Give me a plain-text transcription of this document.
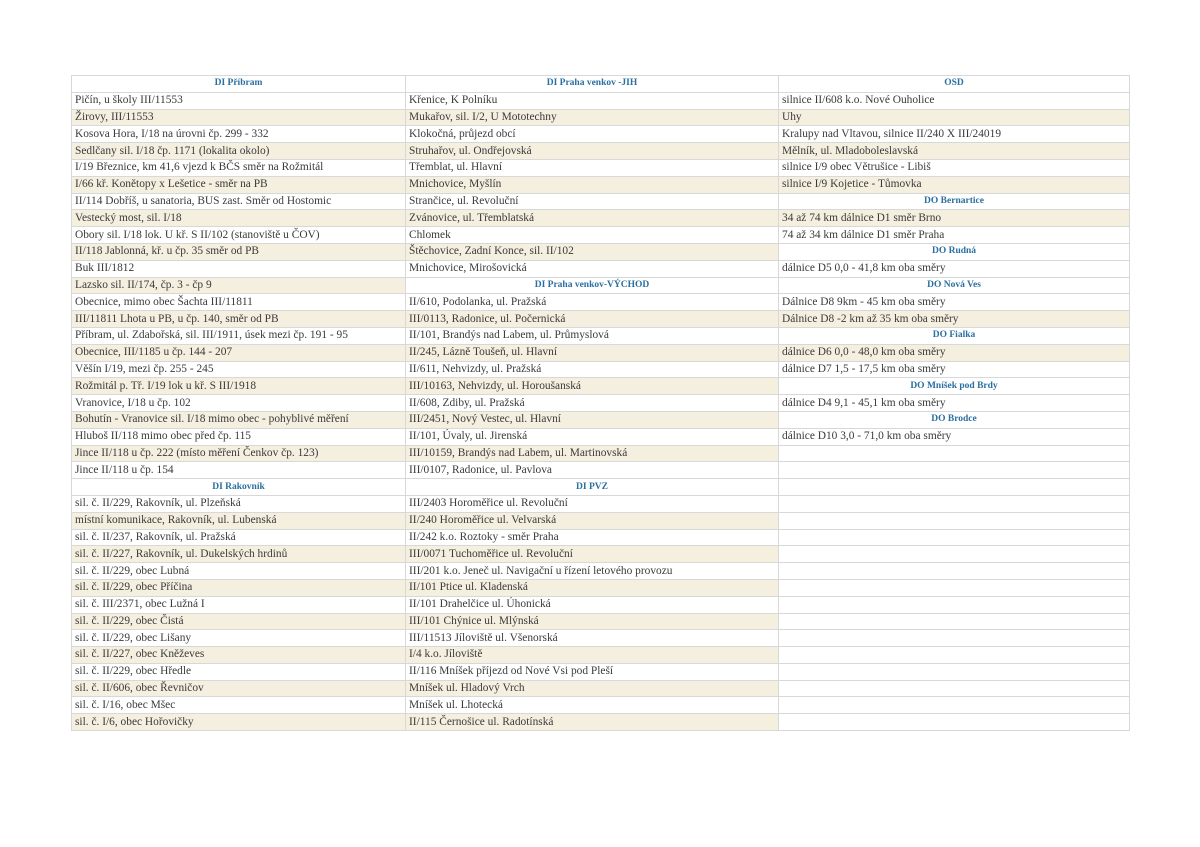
DI Příbram	DI Praha venkov -JIH	OSD
Pičín, u školy III/11553	Křenice, K Polníku	silnice II/608 k.o. Nové Ouholice
Žirovy, III/11553	Mukařov, sil. I/2, U Mototechny	Uhy
Kosova Hora, I/18 na úrovni čp. 299 - 332	Klokočná, průjezd obcí	Kralupy nad Vltavou, silnice II/240 X III/24019
Sedlčany sil. I/18 čp. 1171 (lokalita okolo)	Struhařov, ul. Ondřejovská	Mělník, ul. Mladoboleslavská
I/19 Březnice, km 41,6 vjezd k BČS směr na Rožmitál	Třemblat, ul. Hlavní	silnice I/9 obec Větrušice - Libiš
I/66 kř. Konětopy x Lešetice - směr na PB	Mnichovice, Myšlín	silnice I/9 Kojetice - Tůmovka
II/114 Dobříš, u sanatoria, BUS zast. Směr od Hostomic	Strančice, ul. Revoluční	DO Bernartice
Vestecký most, sil. I/18	Zvánovice, ul. Třemblatská	34 až 74 km dálnice D1 směr Brno
Obory sil. I/18 lok. U kř. S II/102 (stanoviště u ČOV)	Chlomek	74 až 34 km dálnice D1 směr Praha
II/118 Jablonná, kř. u čp. 35 směr od PB	Štěchovice, Zadní Konce, sil. II/102	DO Rudná
Buk III/1812	Mnichovice, Mirošovická	dálnice D5 0,0 - 41,8 km oba směry
Lazsko sil. II/174, čp. 3 - čp 9	DI Praha venkov-VÝCHOD	DO Nová Ves
Obecnice, mimo obec Šachta III/11811	II/610, Podolanka, ul. Pražská	Dálnice D8 9km - 45 km oba směry
III/11811 Lhota u PB, u čp. 140, směr od PB	III/0113, Radonice, ul. Počernická	Dálnice D8 -2 km až 35 km oba směry
Příbram, ul. Zdabořská, sil. III/1911, úsek mezi čp. 191 - 95	II/101, Brandýs nad Labem, ul. Průmyslová	DO Fialka
Obecnice, III/1185 u čp. 144 - 207	II/245, Lázně Toušeň, ul. Hlavní	dálnice D6 0,0 - 48,0 km oba směry
Věšín I/19, mezi čp. 255 - 245	II/611, Nehvizdy, ul. Pražská	dálnice D7 1,5 - 17,5 km oba směry
Rožmitál p. Tř. I/19 lok u kř. S III/1918	III/10163, Nehvizdy, ul. Horoušanská	DO Mníšek pod Brdy
Vranovice, I/18 u čp. 102	II/608, Zdiby, ul. Pražská	dálnice D4 9,1 - 45,1 km oba směry
Bohutín - Vranovice sil. I/18 mimo obec - pohyblivé měření	III/2451, Nový Vestec, ul. Hlavní	DO Brodce
Hluboš II/118 mimo obec před čp. 115	II/101, Úvaly, ul. Jirenská	dálnice D10 3,0 - 71,0 km oba směry
Jince II/118 u čp. 222 (místo měření Čenkov čp. 123)	III/10159, Brandýs nad Labem, ul. Martinovská	
Jince II/118 u čp. 154	III/0107, Radonice, ul. Pavlova	
DI Rakovník	DI PVZ	
sil. č. II/229, Rakovník, ul. Plzeňská	III/2403 Horoměřice ul. Revoluční	
místní komunikace, Rakovník, ul. Lubenská	II/240 Horoměřice ul. Velvarská	
sil. č. II/237, Rakovník, ul. Pražská	II/242 k.o. Roztoky - směr Praha	
sil. č. II/227, Rakovník, ul. Dukelských hrdinů	III/0071 Tuchoměřice ul. Revoluční	
sil. č. II/229, obec Lubná	III/201 k.o. Jeneč ul. Navigační u řízení letového provozu	
sil. č. II/229, obec Příčina	II/101 Ptice ul. Kladenská	
sil. č. III/2371, obec Lužná I	II/101 Drahelčice ul. Úhonická	
sil. č. II/229, obec Čistá	III/101 Chýnice ul. Mlýnská	
sil. č. II/229, obec Lišany	III/11513 Jíloviště ul. Všenorská	
sil. č. II/227, obec Kněževes	I/4 k.o. Jíloviště	
sil. č. II/229, obec Hředle	II/116 Mníšek příjezd od Nové Vsi pod Pleší	
sil. č. II/606, obec Řevničov	Mníšek ul. Hladový Vrch	
sil. č. I/16, obec Mšec	Mníšek ul. Lhotecká	
sil. č. I/6, obec Hořovičky	II/115 Černošice ul. Radotínská	
